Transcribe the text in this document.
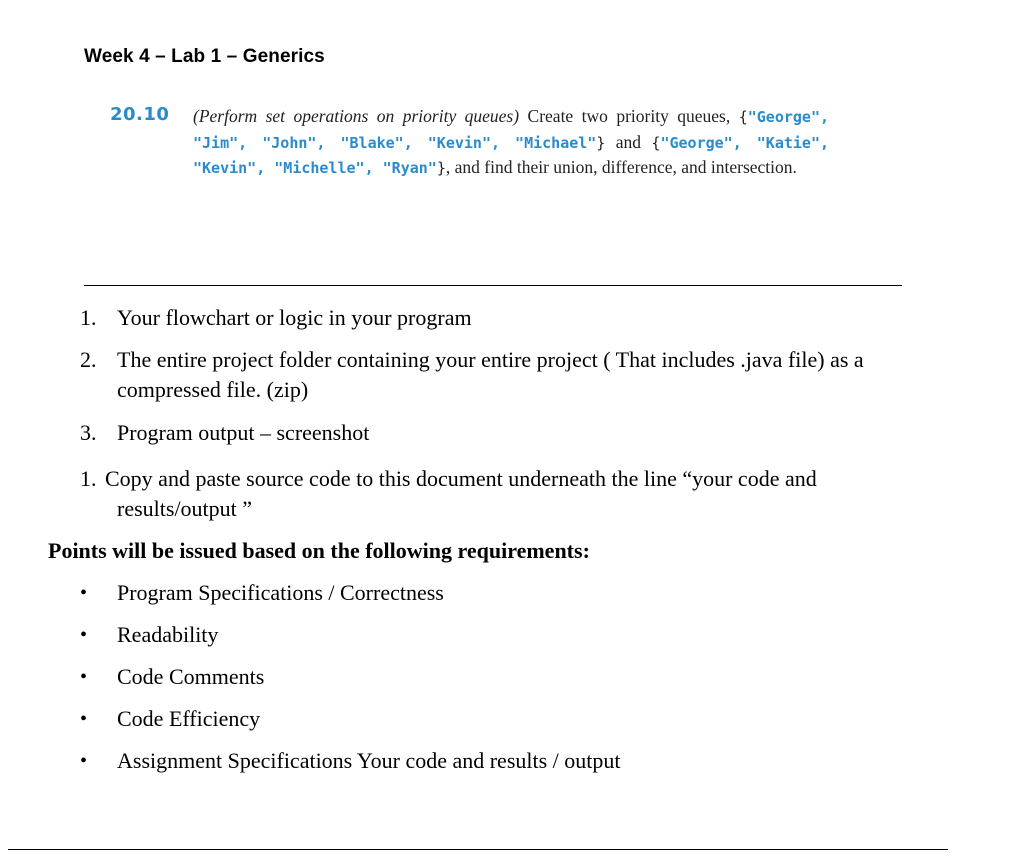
Week 4 – Lab 1 – Generics
20.10 (Perform set operations on priority queues) Create two priority queues, {"George", "Jim", "John", "Blake", "Kevin", "Michael"} and {"George", "Katie", "Kevin", "Michelle", "Ryan"}, and find their union, difference, and intersection.
1. Your flowchart or logic in your program
2. The entire project folder containing your entire project ( That includes .java file) as a
compressed file. (zip)
3. Program output – screenshot
1. Copy and paste source code to this document underneath the line “your code and
results/output ”
Points will be issued based on the following requirements:
• Program Specifications / Correctness
• Readability
• Code Comments
• Code Efficiency
• Assignment Specifications Your code and results / output
